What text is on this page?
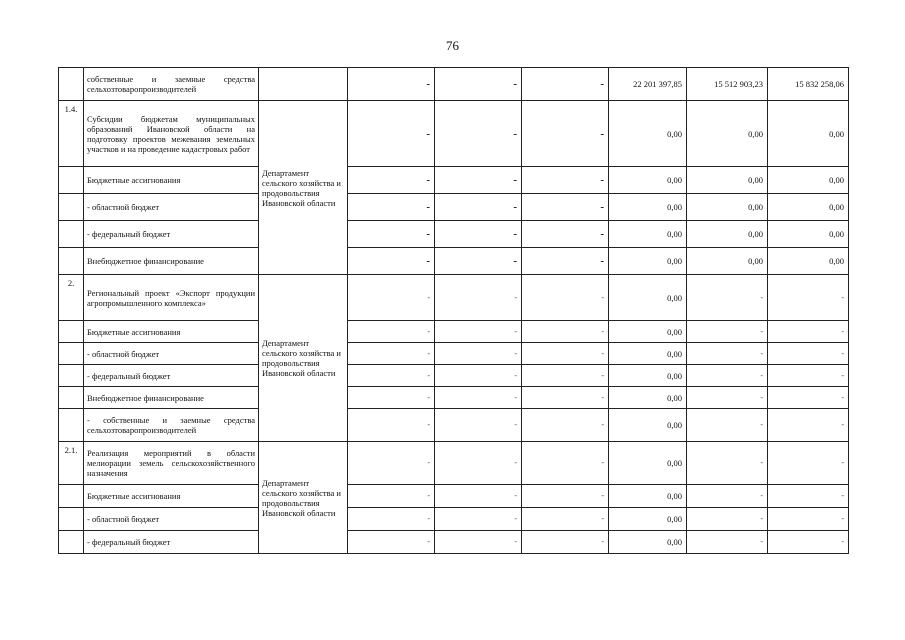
76
	собственные и заемные средства сельхозтоваропроизводителей		-	-	-	22 201 397,85	15 512 903,23	15 832 258,06
1.4.	Субсидии бюджетам муниципальных образований Ивановской области на подготовку проектов межевания земельных участков и на проведение кадастровых работ	Департамент сельского хозяйства и продовольствия Ивановской области	-	-	-	0,00	0,00	0,00
	Бюджетные ассигнования		-	-	-	0,00	0,00	0,00
	- областной бюджет		-	-	-	0,00	0,00	0,00
	- федеральный бюджет		-	-	-	0,00	0,00	0,00
	Внебюджетное финансирование		-	-	-	0,00	0,00	0,00
2.	Региональный проект «Экспорт продукции агропромышленного комплекса»	Департамент сельского хозяйства и продовольствия Ивановской области	-	-	-	0,00	-	-
	Бюджетные ассигнования		-	-	-	0,00	-	-
	- областной бюджет		-	-	-	0,00	-	-
	- федеральный бюджет		-	-	-	0,00	-	-
	Внебюджетное финансирование		-	-	-	0,00	-	-
	- собственные и заемные средства сельхозтоваропроизводителей		-	-	-	0,00	-	-
2.1.	Реализация мероприятий в области мелиорации земель сельскохозяйственного назначения	Департамент сельского хозяйства и продовольствия Ивановской области	-	-	-	0,00	-	-
	Бюджетные ассигнования		-	-	-	0,00	-	-
	- областной бюджет		-	-	-	0,00	-	-
	- федеральный бюджет		-	-	-	0,00	-	-
